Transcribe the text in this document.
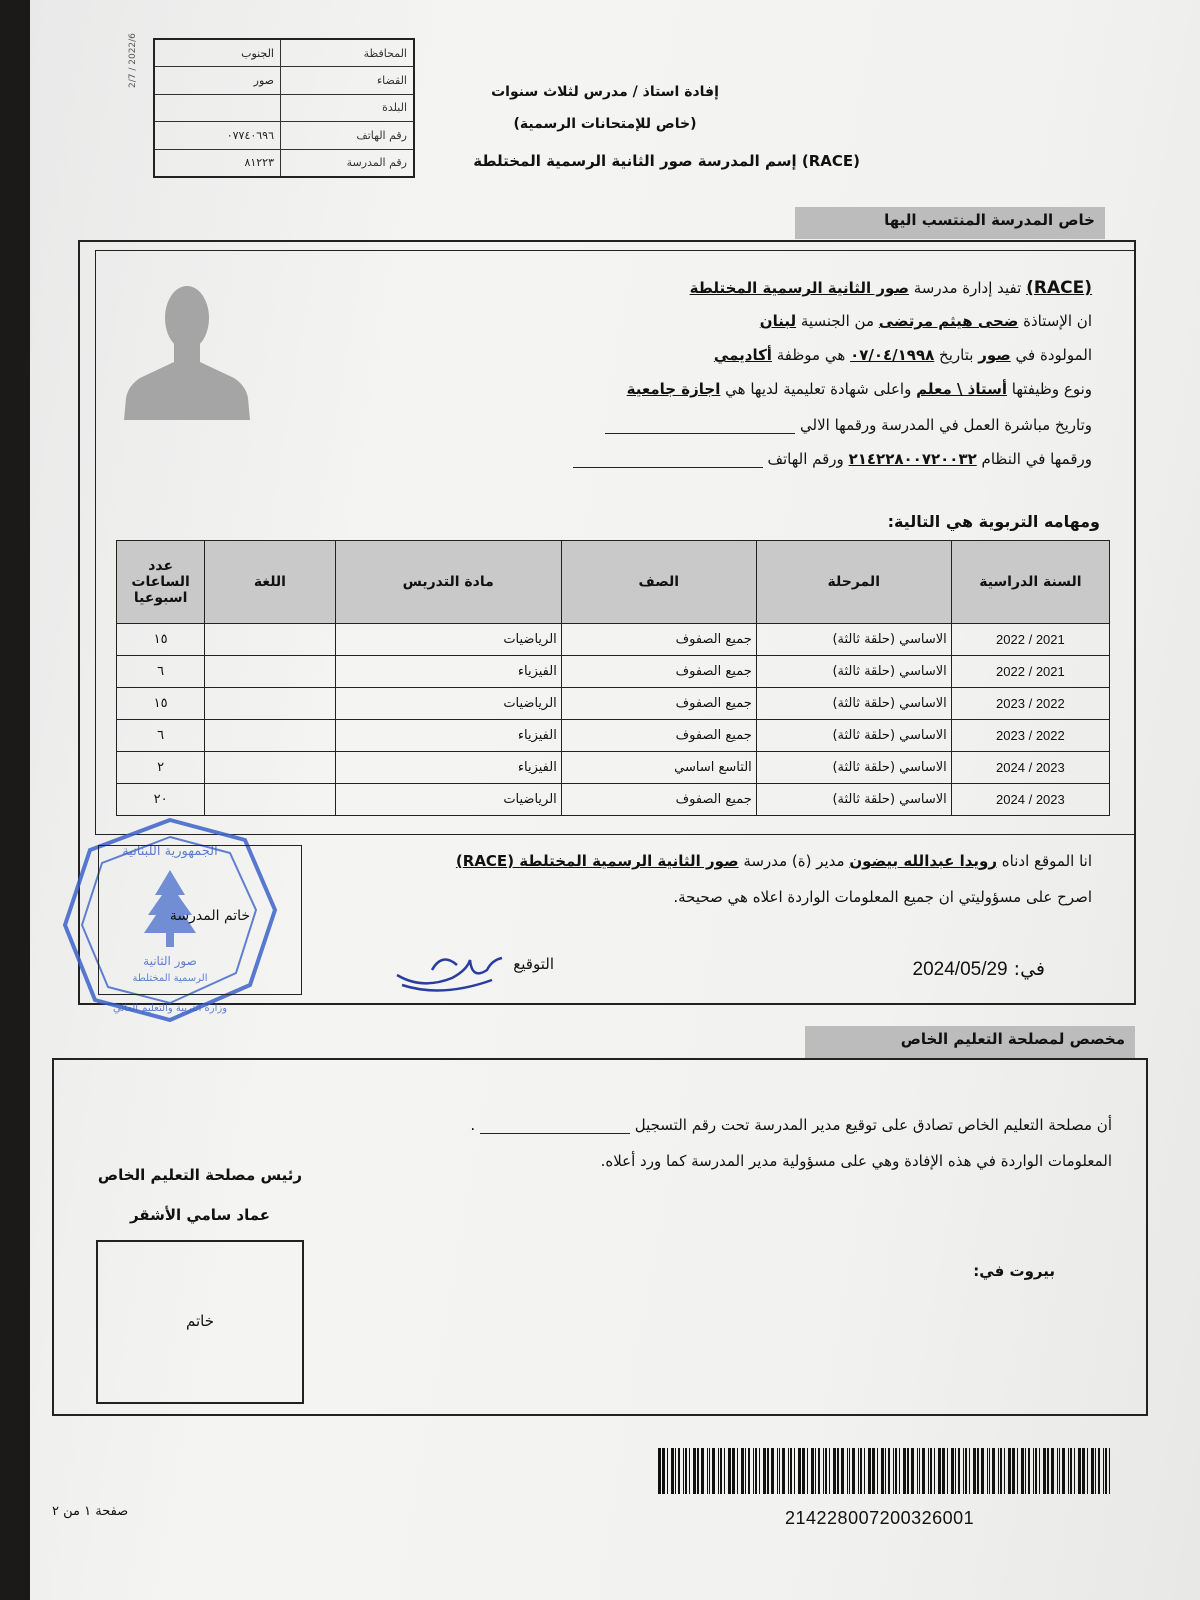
المحافظة	الجنوب
القضاء	صور
البلدة	
رقم الهاتف	٠٧٧٤٠٦٩٦
رقم المدرسة	٨١٢٢٣
2/7 / 2022/6
إفادة استاذ / مدرس لثلاث سنوات
(خاص للإمتحانات الرسمية)
(RACE) إسم المدرسة صور الثانية الرسمية المختلطة
خاص المدرسة المنتسب اليها
(RACE) تفيد إدارة مدرسة صور الثانية الرسمية المختلطة
ان الإستاذة ضحى هيثم مرتضى من الجنسية لبنان
المولودة في صور بتاريخ ٠٧/٠٤/١٩٩٨ هي موظفة أكاديمي
ونوع وظيفتها أستاذ \ معلم واعلى شهادة تعليمية لديها هي اجازة جامعية
وتاريخ مباشرة العمل في المدرسة ورقمها الالي
ورقمها في النظام ٢١٤٢٢٨٠٠٧٢٠٠٣٢ ورقم الهاتف
ومهامه التربوية هي التالية:
السنة الدراسية	المرحلة	الصف	مادة التدريس	اللغة	عدد الساعات اسبوعيا
2021 / 2022	الاساسي (حلقة ثالثة)	جميع الصفوف	الرياضيات		١٥
2021 / 2022	الاساسي (حلقة ثالثة)	جميع الصفوف	الفيزياء		٦
2022 / 2023	الاساسي (حلقة ثالثة)	جميع الصفوف	الرياضيات		١٥
2022 / 2023	الاساسي (حلقة ثالثة)	جميع الصفوف	الفيزياء		٦
2023 / 2024	الاساسي (حلقة ثالثة)	التاسع اساسي	الفيزياء		٢
2023 / 2024	الاساسي (حلقة ثالثة)	جميع الصفوف	الرياضيات		٢٠
الجمهورية اللبنانية
وزارة التربية والتعليم العالي
صور الثانية
الرسمية المختلطة
خاتم المدرسة
انا الموقع ادناه رويدا عبدالله بيضون مدير (ة) مدرسة صور الثانية الرسمية المختلطة (RACE)
اصرح على مسؤوليتي ان جميع المعلومات الواردة اعلاه هي صحيحة.
التوقيع	في: 2024/05/29
مخصص لمصلحة التعليم الخاص
أن مصلحة التعليم الخاص تصادق على توقيع مدير المدرسة تحت رقم التسجيل  .
المعلومات الواردة في هذه الإفادة وهي على مسؤولية مدير المدرسة كما ورد أعلاه.
رئيس مصلحة التعليم الخاص
عماد سامي الأشقر
خاتم
بيروت في:
214228007200326001
صفحة ١ من ٢
